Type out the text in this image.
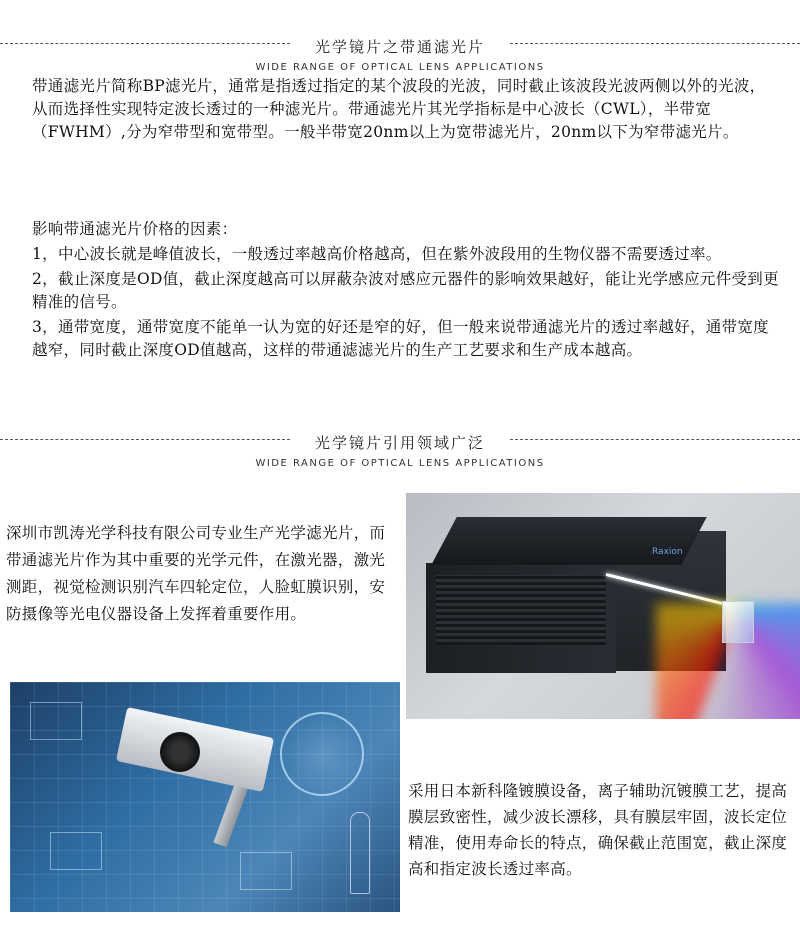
光学镜片之带通滤光片
WIDE RANGE OF OPTICAL LENS APPLICATIONS

带通滤光片简称BP滤光片，通常是指透过指定的某个波段的光波，同时截止该波段光波两侧以外的光波，从而选择性实现特定波长透过的一种滤光片。带通滤光片其光学指标是中心波长（CWL），半带宽（FWHM）,分为窄带型和宽带型。一般半带宽20nm以上为宽带滤光片，20nm以下为窄带滤光片。

影响带通滤光片价格的因素：

1，中心波长就是峰值波长，一般透过率越高价格越高，但在紫外波段用的生物仪器不需要透过率。

2，截止深度是OD值，截止深度越高可以屏蔽杂波对感应元器件的影响效果越好，能让光学感应元件受到更精准的信号。

3，通带宽度，通带宽度不能单一认为宽的好还是窄的好，但一般来说带通滤光片的透过率越好，通带宽度越窄，同时截止深度OD值越高，这样的带通滤滤光片的生产工艺要求和生产成本越高。

光学镜片引用领域广泛
WIDE RANGE OF OPTICAL LENS APPLICATIONS

深圳市凯涛光学科技有限公司专业生产光学滤光片，而带通滤光片作为其中重要的光学元件，在激光器，激光测距，视觉检测识别汽车四轮定位，人脸虹膜识别，安防摄像等光电仪器设备上发挥着重要作用。

Raxion

采用日本新科隆镀膜设备，离子辅助沉镀膜工艺，提高膜层致密性，减少波长漂移，具有膜层牢固，波长定位精准，使用寿命长的特点，确保截止范围宽，截止深度高和指定波长透过率高。
